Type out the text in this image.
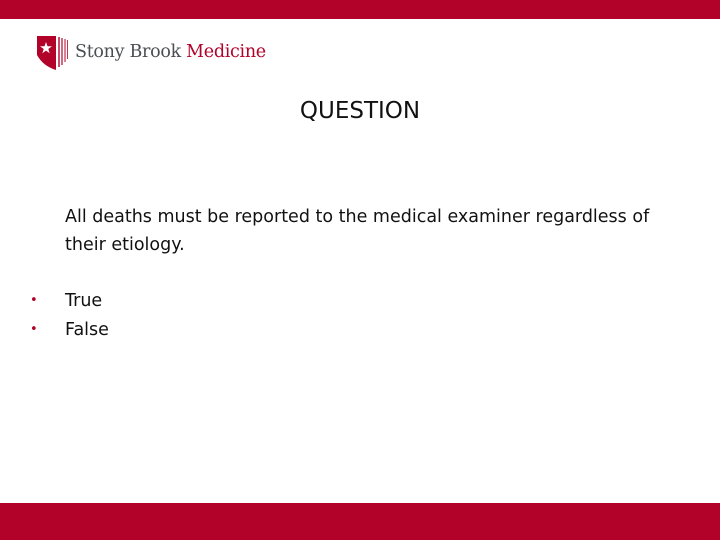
Stony Brook Medicine
QUESTION

All deaths must be reported to the medical examiner regardless of their etiology.

•	True
•	False
